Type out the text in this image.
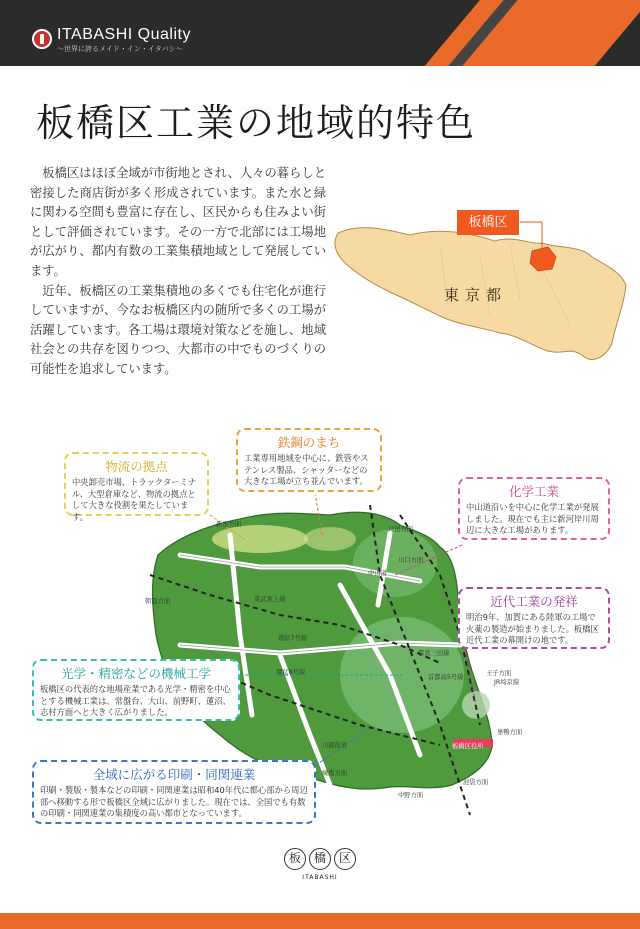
ITABASHI Quality
〜世界に誇るメイド・イン・イタバシ〜
板橋区工業の地域的特色

板橋区はほぼ全域が市街地とされ、人々の暮らしと密接した商店街が多く形成されています。また水と緑に関わる空間も豊富に存在し、区民からも住みよい街として評価されています。その一方で北部には工場地が広がり、都内有数の工業集積地域として発展しています。

近年、板橋区の工業集積地の多くでも住宅化が進行していますが、今なお板橋区内の随所で多くの工場が活躍しています。各工場は環境対策などを施し、地域社会との共存を図りつつ、大都市の中でものづくりの可能性を追求しています。

板橋区
東京都
新座方面
朝霞方面
戸田方面
川口方面
王子方面
巣鴨方面
練馬方面
中野方面
池袋方面
JR埼京線
東武東上線
環状8号線
環状7号線
中山道
都営三田線
首都高5号線
川越街道	板橋区役所
物流の拠点

中央卸売市場、トラックターミナル、大型倉庫など、物流の拠点として大きな役割を果たしています。

鉄鋼のまち

工業専用地域を中心に、鉄管やステンレス製品、シャッターなどの大きな工場が立ち並んでいます。

化学工業

中山道沿いを中心に化学工業が発展しました。現在でも主に新河岸川周辺に大きな工場があります。

近代工業の発祥

明治9年、加賀にある陸軍の工場で火薬の製造が始まりました。板橋区近代工業の幕開けの地です。

光学・精密などの機械工学

板橋区の代表的な地場産業である光学・精密を中心とする機械工業は、常盤台、大山、前野町、蓮沼、志村方面へと大きく広がりました。

全域に広がる印刷・同関連業

印刷・製版・製本などの印刷・同関連業は昭和40年代に都心部から周辺部へ移動する形で板橋区全域に広がりました。現在では、全国でも有数の印刷・同関連業の集積度の高い都市となっています。

板	橋	区
ITABASHI
